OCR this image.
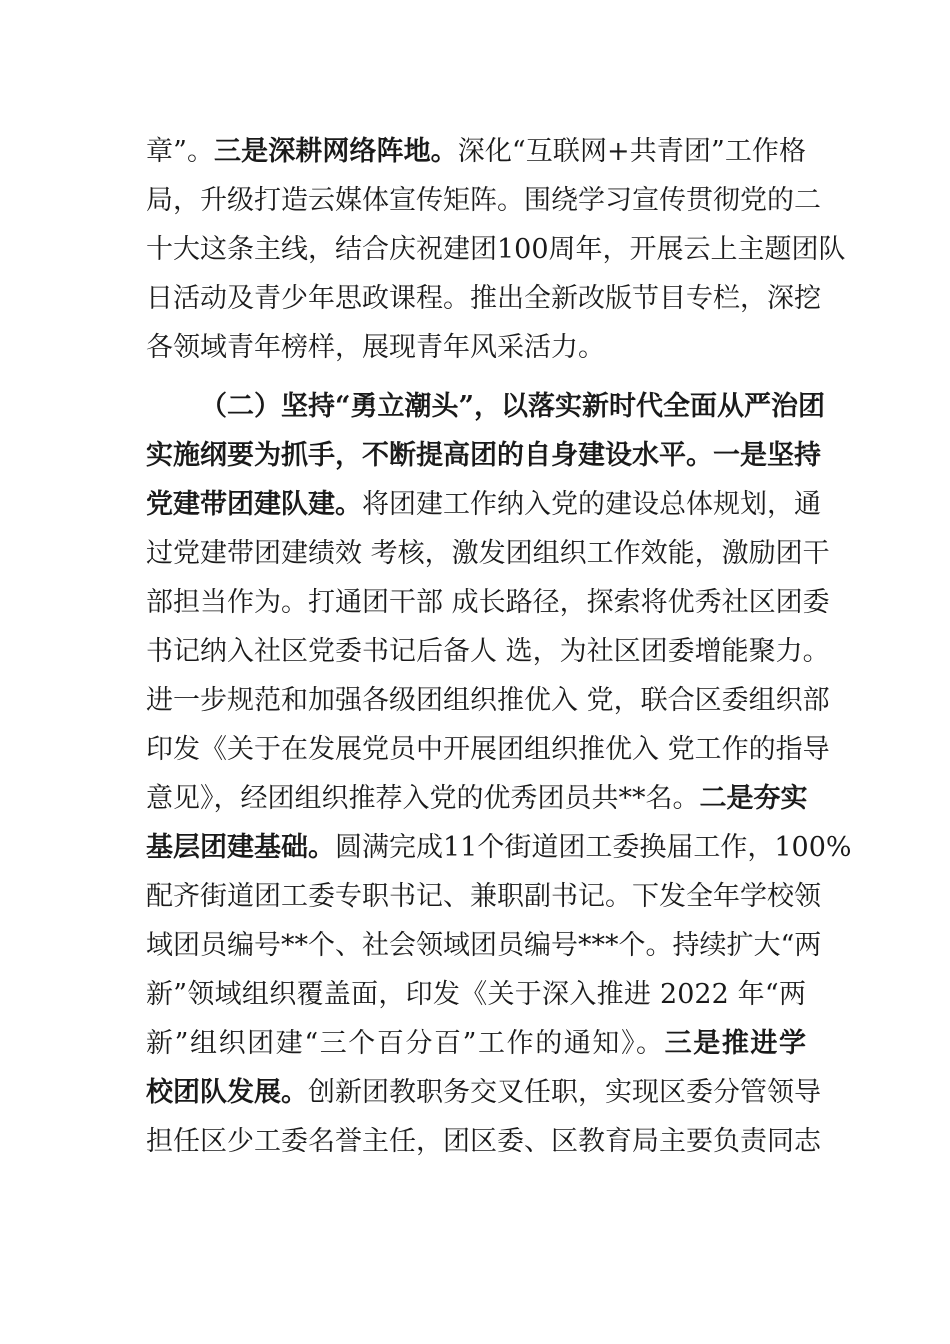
章”。三是深耕网络阵地。深化“互联网+共青团”工作格
局，升级打造云媒体宣传矩阵。围绕学习宣传贯彻党的二
十大这条主线，结合庆祝建团100周年，开展云上主题团队
日活动及青少年思政课程。推出全新改版节目专栏，深挖
各领域青年榜样，展现青年风采活力。
（二）坚持“勇立潮头”，以落实新时代全面从严治团
实施纲要为抓手，不断提高团的自身建设水平。一是坚持
党建带团建队建。将团建工作纳入党的建设总体规划，通
过党建带团建绩效 考核，激发团组织工作效能，激励团干
部担当作为。打通团干部 成长路径，探索将优秀社区团委
书记纳入社区党委书记后备人 选，为社区团委增能聚力。
进一步规范和加强各级团组织推优入 党，联合区委组织部
印发《关于在发展党员中开展团组织推优入 党工作的指导
意见》，经团组织推荐入党的优秀团员共**名。二是夯实
基层团建基础。圆满完成11个街道团工委换届工作，100%
配齐街道团工委专职书记、兼职副书记。下发全年学校领
域团员编号**个、社会领域团员编号***个。持续扩大“两
新”领域组织覆盖面，印发《关于深入推进 2022 年“两
新”组织团建“三个百分百”工作的通知》。三是推进学
校团队发展。创新团教职务交叉任职，实现区委分管领导
担任区少工委名誉主任，团区委、区教育局主要负责同志
